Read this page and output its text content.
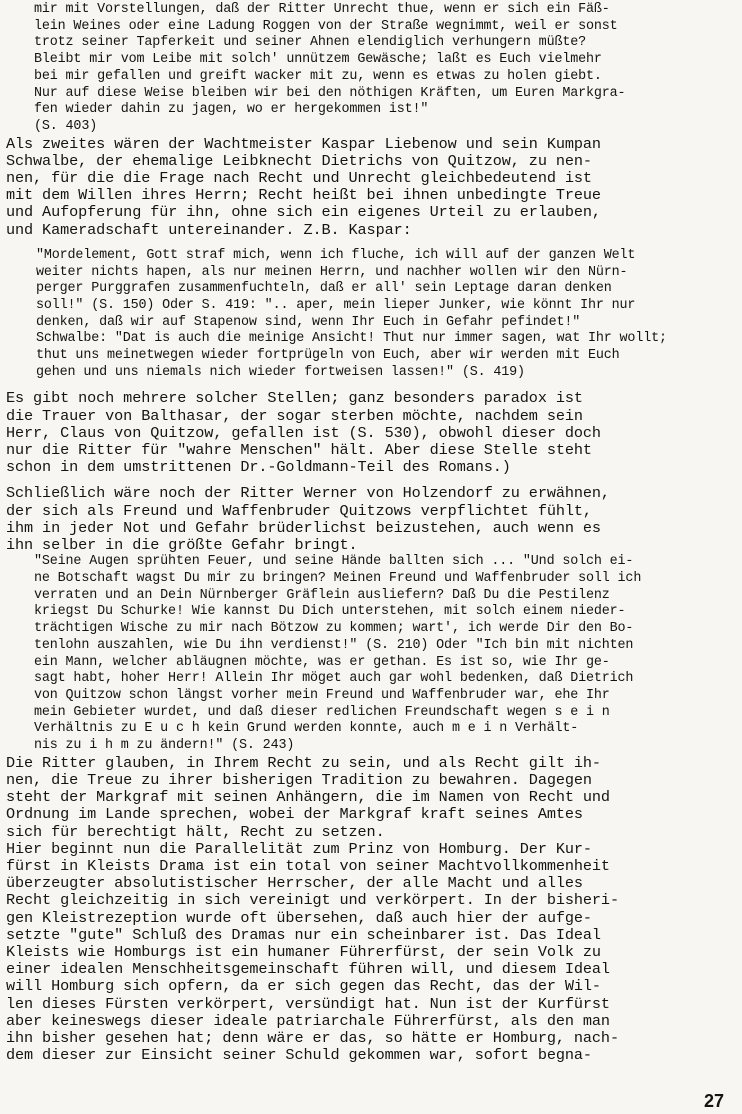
mir mit Vorstellungen, daß der Ritter Unrecht thue, wenn er sich ein Fäß-
lein Weines oder eine Ladung Roggen von der Straße wegnimmt, weil er sonst
trotz seiner Tapferkeit und seiner Ahnen elendiglich verhungern müßte?
Bleibt mir vom Leibe mit solch' unnützem Gewäsche; laßt es Euch vielmehr
bei mir gefallen und greift wacker mit zu, wenn es etwas zu holen giebt.
Nur auf diese Weise bleiben wir bei den nöthigen Kräften, um Euren Markgra-
fen wieder dahin zu jagen, wo er hergekommen ist!"
(S. 403)
Als zweites wären der Wachtmeister Kaspar Liebenow und sein Kumpan
Schwalbe, der ehemalige Leibknecht Dietrichs von Quitzow, zu nen-
nen, für die die Frage nach Recht und Unrecht gleichbedeutend ist
mit dem Willen ihres Herrn; Recht heißt bei ihnen unbedingte Treue
und Aufopferung für ihn, ohne sich ein eigenes Urteil zu erlauben,
und Kameradschaft untereinander. Z.B. Kaspar:
"Mordelement, Gott straf mich, wenn ich fluche, ich will auf der ganzen Welt
weiter nichts hapen, als nur meinen Herrn, und nachher wollen wir den Nürn-
perger Purggrafen zusammenfuchteln, daß er all' sein Leptage daran denken
soll!" (S. 150) Oder S. 419: ".. aper, mein lieper Junker, wie könnt Ihr nur
denken, daß wir auf Stapenow sind, wenn Ihr Euch in Gefahr pefindet!"
Schwalbe: "Dat is auch die meinige Ansicht! Thut nur immer sagen, wat Ihr wollt;
thut uns meinetwegen wieder fortprügeln von Euch, aber wir werden mit Euch
gehen und uns niemals nich wieder fortweisen lassen!" (S. 419)
Es gibt noch mehrere solcher Stellen; ganz besonders paradox ist
die Trauer von Balthasar, der sogar sterben möchte, nachdem sein
Herr, Claus von Quitzow, gefallen ist (S. 530), obwohl dieser doch
nur die Ritter für "wahre Menschen" hält. Aber diese Stelle steht
schon in dem umstrittenen Dr.-Goldmann-Teil des Romans.)
Schließlich wäre noch der Ritter Werner von Holzendorf zu erwähnen,
der sich als Freund und Waffenbruder Quitzows verpflichtet fühlt,
ihm in jeder Not und Gefahr brüderlichst beizustehen, auch wenn es
ihn selber in die größte Gefahr bringt.
"Seine Augen sprühten Feuer, und seine Hände ballten sich ... "Und solch ei-
ne Botschaft wagst Du mir zu bringen? Meinen Freund und Waffenbruder soll ich
verraten und an Dein Nürnberger Gräflein ausliefern? Daß Du die Pestilenz
kriegst Du Schurke! Wie kannst Du Dich unterstehen, mit solch einem nieder-
trächtigen Wische zu mir nach Bötzow zu kommen; wart', ich werde Dir den Bo-
tenlohn auszahlen, wie Du ihn verdienst!" (S. 210) Oder "Ich bin mit nichten
ein Mann, welcher abläugnen möchte, was er gethan. Es ist so, wie Ihr ge-
sagt habt, hoher Herr! Allein Ihr möget auch gar wohl bedenken, daß Dietrich
von Quitzow schon längst vorher mein Freund und Waffenbruder war, ehe Ihr
mein Gebieter wurdet, und daß dieser redlichen Freundschaft wegen s e i n
Verhältnis zu E u c h kein Grund werden konnte, auch m e i n Verhält-
nis zu i h m zu ändern!" (S. 243)
Die Ritter glauben, in Ihrem Recht zu sein, und als Recht gilt ih-
nen, die Treue zu ihrer bisherigen Tradition zu bewahren. Dagegen
steht der Markgraf mit seinen Anhängern, die im Namen von Recht und
Ordnung im Lande sprechen, wobei der Markgraf kraft seines Amtes
sich für berechtigt hält, Recht zu setzen.
Hier beginnt nun die Parallelität zum Prinz von Homburg. Der Kur-
fürst in Kleists Drama ist ein total von seiner Machtvollkommenheit
überzeugter absolutistischer Herrscher, der alle Macht und alles
Recht gleichzeitig in sich vereinigt und verkörpert. In der bisheri-
gen Kleistrezeption wurde oft übersehen, daß auch hier der aufge-
setzte "gute" Schluß des Dramas nur ein scheinbarer ist. Das Ideal
Kleists wie Homburgs ist ein humaner Führerfürst, der sein Volk zu
einer idealen Menschheitsgemeinschaft führen will, und diesem Ideal
will Homburg sich opfern, da er sich gegen das Recht, das der Wil-
len dieses Fürsten verkörpert, versündigt hat. Nun ist der Kurfürst
aber keineswegs dieser ideale patriarchale Führerfürst, als den man
ihn bisher gesehen hat; denn wäre er das, so hätte er Homburg, nach-
dem dieser zur Einsicht seiner Schuld gekommen war, sofort begna-
27
